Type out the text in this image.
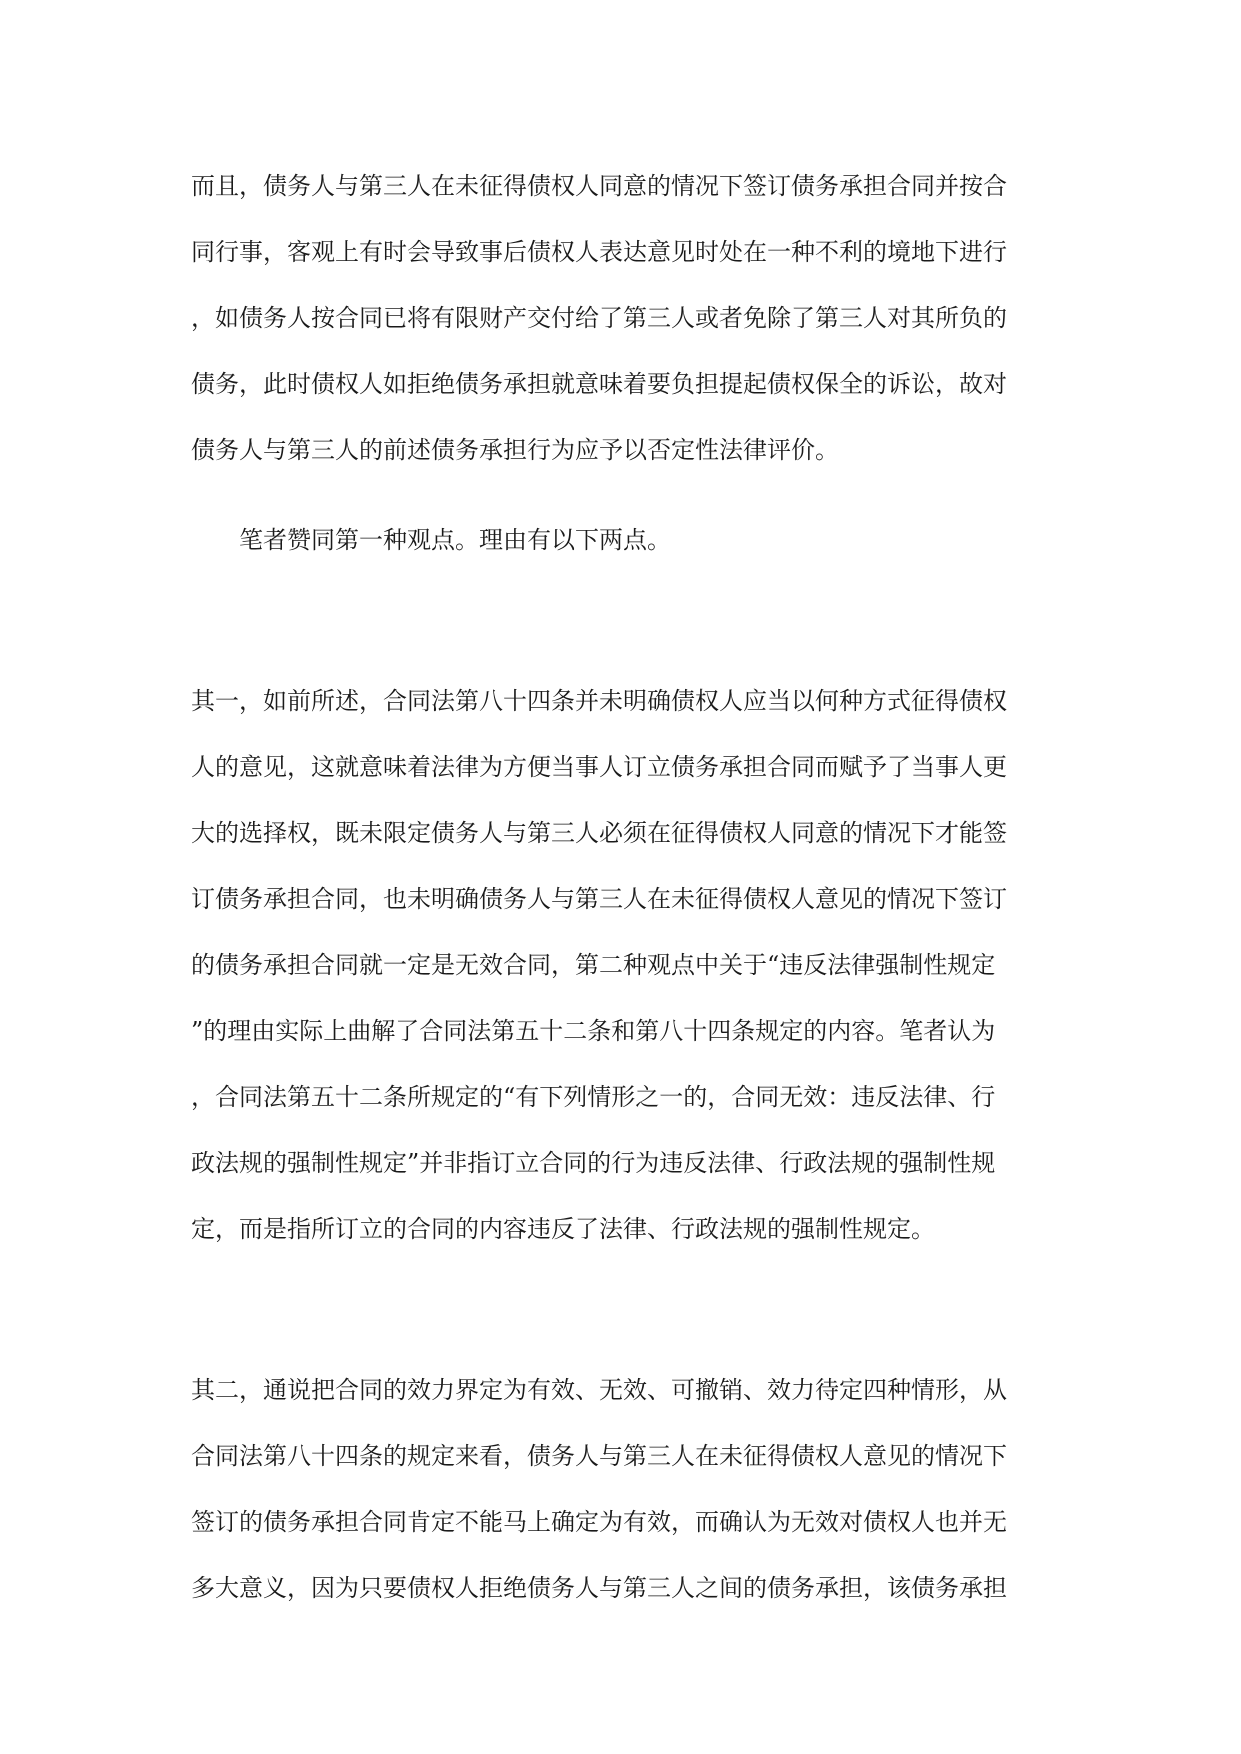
而且，债务人与第三人在未征得债权人同意的情况下签订债务承担合同并按合
同行事，客观上有时会导致事后债权人表达意见时处在一种不利的境地下进行
，如债务人按合同已将有限财产交付给了第三人或者免除了第三人对其所负的
债务，此时债权人如拒绝债务承担就意味着要负担提起债权保全的诉讼，故对
债务人与第三人的前述债务承担行为应予以否定性法律评价。
笔者赞同第一种观点。理由有以下两点。
其一，如前所述，合同法第八十四条并未明确债权人应当以何种方式征得债权
人的意见，这就意味着法律为方便当事人订立债务承担合同而赋予了当事人更
大的选择权，既未限定债务人与第三人必须在征得债权人同意的情况下才能签
订债务承担合同，也未明确债务人与第三人在未征得债权人意见的情况下签订
的债务承担合同就一定是无效合同，第二种观点中关于“违反法律强制性规定
”的理由实际上曲解了合同法第五十二条和第八十四条规定的内容。笔者认为
，合同法第五十二条所规定的“有下列情形之一的，合同无效：违反法律、行
政法规的强制性规定”并非指订立合同的行为违反法律、行政法规的强制性规
定，而是指所订立的合同的内容违反了法律、行政法规的强制性规定。
其二，通说把合同的效力界定为有效、无效、可撤销、效力待定四种情形，从
合同法第八十四条的规定来看，债务人与第三人在未征得债权人意见的情况下
签订的债务承担合同肯定不能马上确定为有效，而确认为无效对债权人也并无
多大意义，因为只要债权人拒绝债务人与第三人之间的债务承担，该债务承担
